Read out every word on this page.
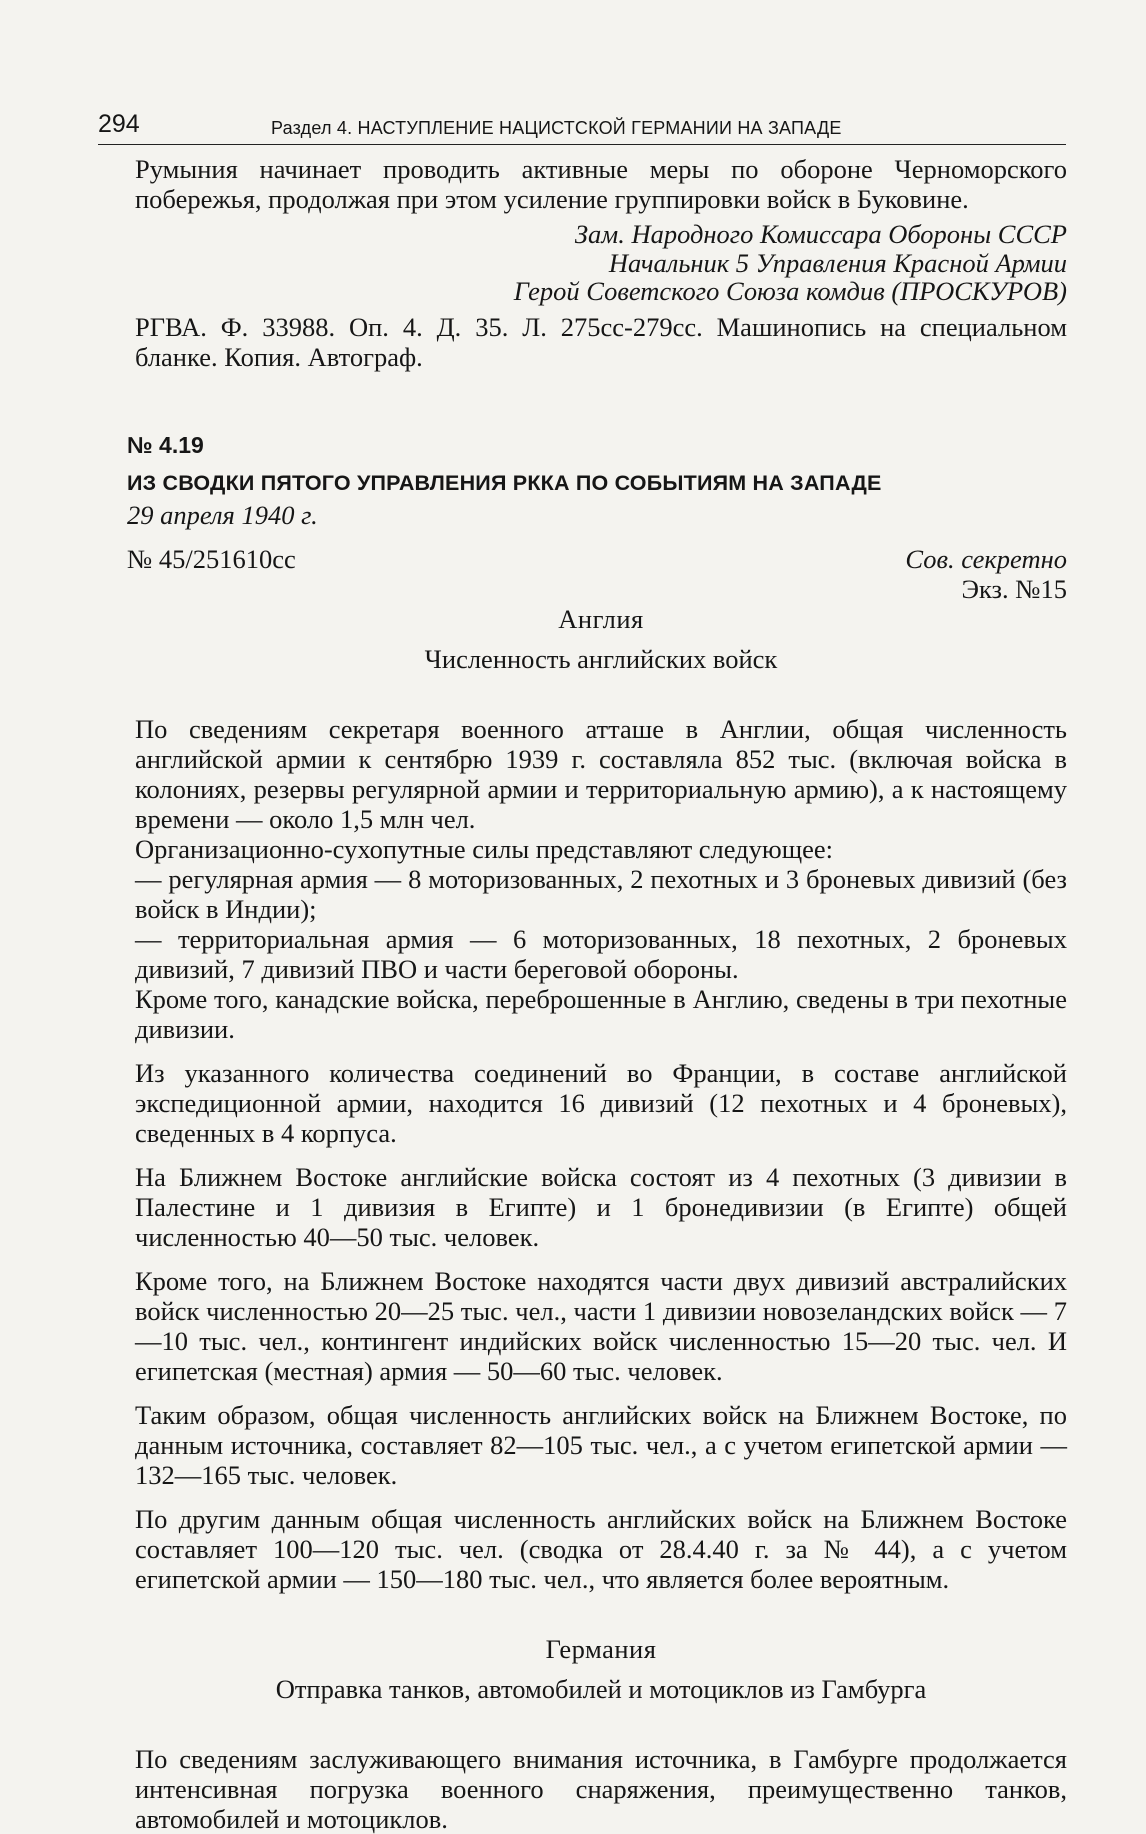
294	Раздел 4. НАСТУПЛЕНИЕ НАЦИСТСКОЙ ГЕРМАНИИ НА ЗАПАДЕ

Румыния начинает проводить активные меры по обороне Черноморского побережья, продолжая при этом усиление группировки войск в Буковине.

Зам. Народного Комиссара Обороны СССР
Начальник 5 Управления Красной Армии
Герой Советского Союза комдив (ПРОСКУРОВ)

РГВА. Ф. 33988. Оп. 4. Д. 35. Л. 275сс-279сс. Машинопись на специальном бланке. Копия. Автограф.

№ 4.19
ИЗ СВОДКИ ПЯТОГО УПРАВЛЕНИЯ РККА ПО СОБЫТИЯМ НА ЗАПАДЕ
29 апреля 1940 г.
№ 45/251610сс	Сов. секретно
Экз. №15
Англия
Численность английских войск

По сведениям секретаря военного атташе в Англии, общая численность английской армии к сентябрю 1939 г. составляла 852 тыс. (включая войска в колониях, резервы регулярной армии и территориальную армию), а к настоящему времени — около 1,5 млн чел.

Организационно-сухопутные силы представляют следующее:

— регулярная армия — 8 моторизованных, 2 пехотных и 3 броневых дивизий (без войск в Индии);

— территориальная армия — 6 моторизованных, 18 пехотных, 2 броневых дивизий, 7 дивизий ПВО и части береговой обороны.

Кроме того, канадские войска, переброшенные в Англию, сведены в три пехотные дивизии.

Из указанного количества соединений во Франции, в составе английской экспедиционной армии, находится 16 дивизий (12 пехотных и 4 броневых), сведенных в 4 корпуса.

На Ближнем Востоке английские войска состоят из 4 пехотных (3 дивизии в Палестине и 1 дивизия в Египте) и 1 бронедивизии (в Египте) общей численностью 40—50 тыс. человек.

Кроме того, на Ближнем Востоке находятся части двух дивизий австралийских войск численностью 20—25 тыс. чел., части 1 дивизии новозеландских войск — 7—10 тыс. чел., контингент индийских войск численностью 15—20 тыс. чел. И египетская (местная) армия — 50—60 тыс. человек.

Таким образом, общая численность английских войск на Ближнем Востоке, по данным источника, составляет 82—105 тыс. чел., а с учетом египетской армии — 132—165 тыс. человек.

По другим данным общая численность английских войск на Ближнем Востоке составляет 100—120 тыс. чел. (сводка от 28.4.40 г. за № 44), а с учетом египетской армии — 150—180 тыс. чел., что является более вероятным.

Германия
Отправка танков, автомобилей и мотоциклов из Гамбурга

По сведениям заслуживающего внимания источника, в Гамбурге продолжается интенсивная погрузка военного снаряжения, преимущественно танков, автомобилей и мотоциклов.
